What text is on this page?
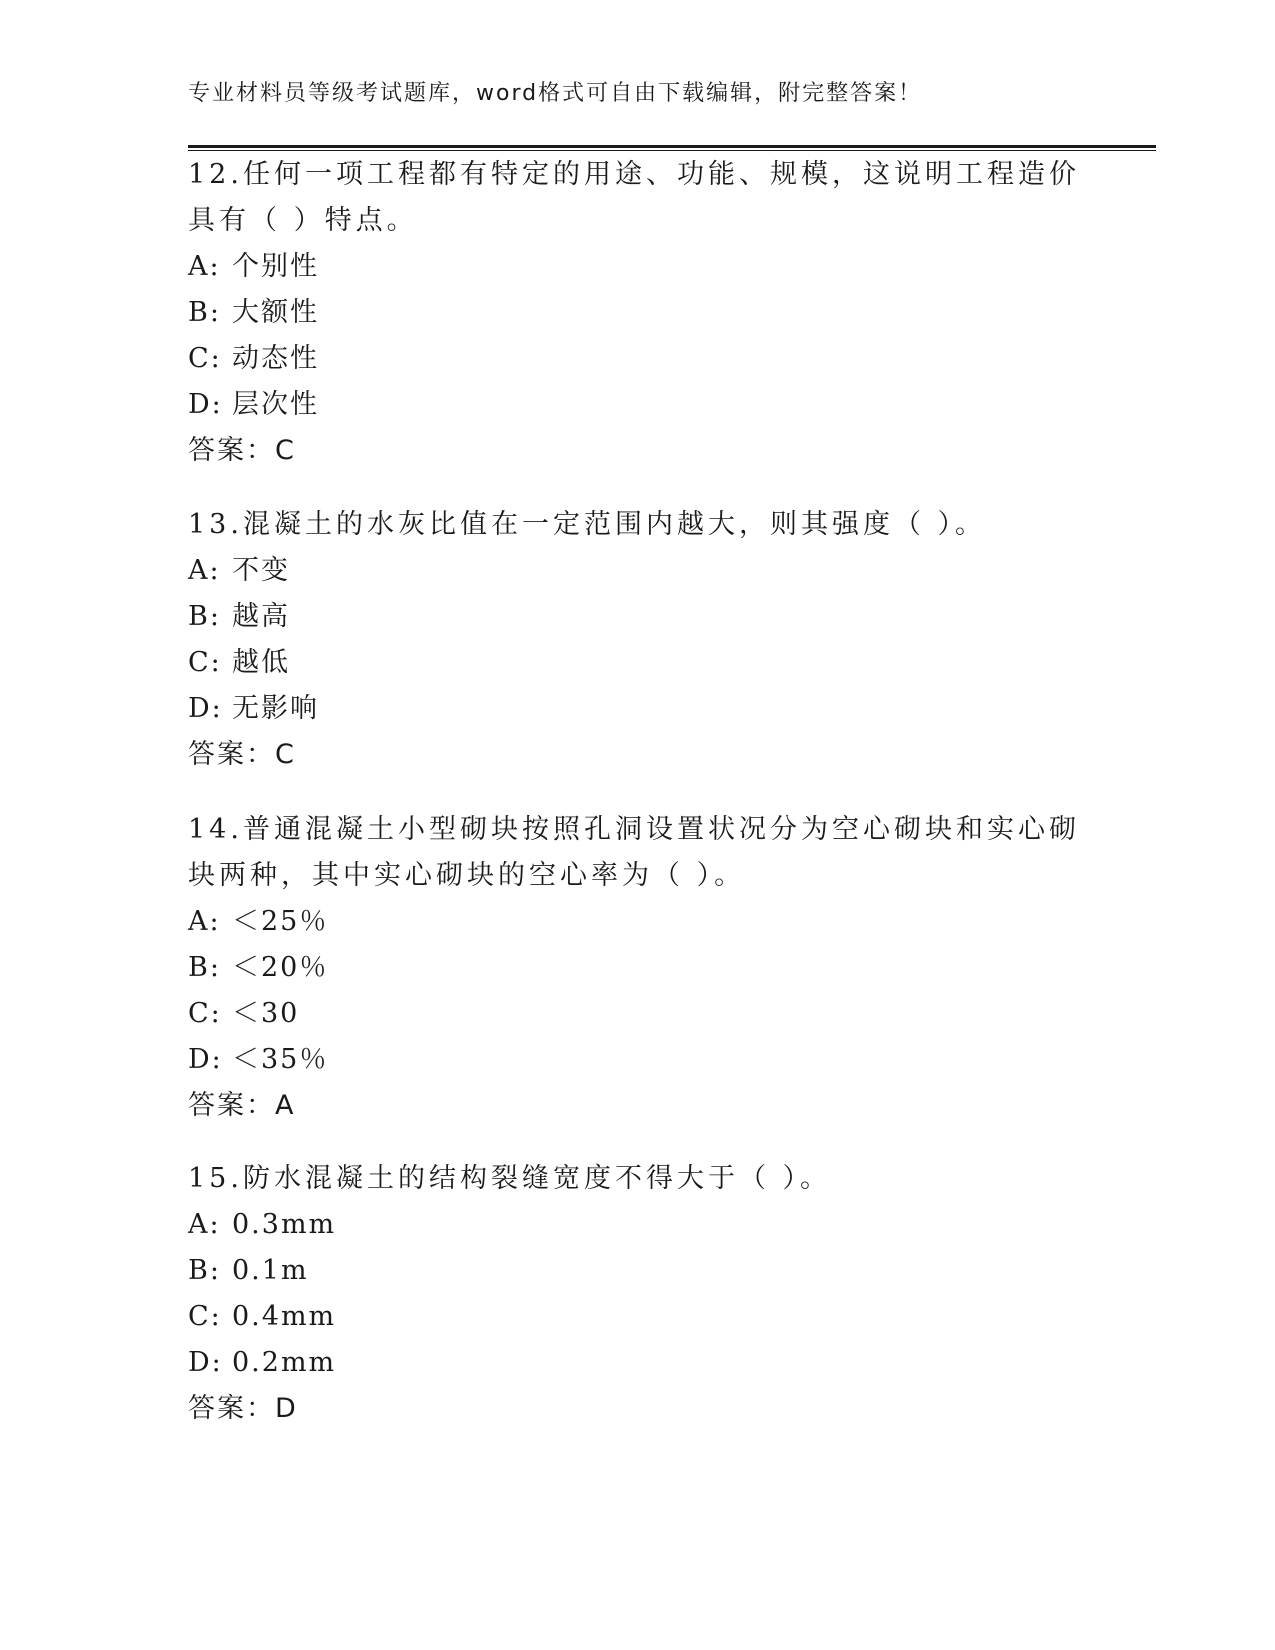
专业材料员等级考试题库，word格式可自由下载编辑，附完整答案！

12.任何一项工程都有特定的用途、功能、规模，这说明工程造价具有（ ）特点。

A: 个别性
B: 大额性
C: 动态性
D: 层次性
答案：C

13.混凝土的水灰比值在一定范围内越大，则其强度（ ）。

A: 不变
B: 越高
C: 越低
D: 无影响
答案：C

14.普通混凝土小型砌块按照孔洞设置状况分为空心砌块和实心砌块两种，其中实心砌块的空心率为（ ）。

A: ＜25％
B: ＜20％
C: ＜30
D: ＜35％
答案：A

15.防水混凝土的结构裂缝宽度不得大于（ ）。

A: 0.3mm
B: 0.1m
C: 0.4mm
D: 0.2mm
答案：D
